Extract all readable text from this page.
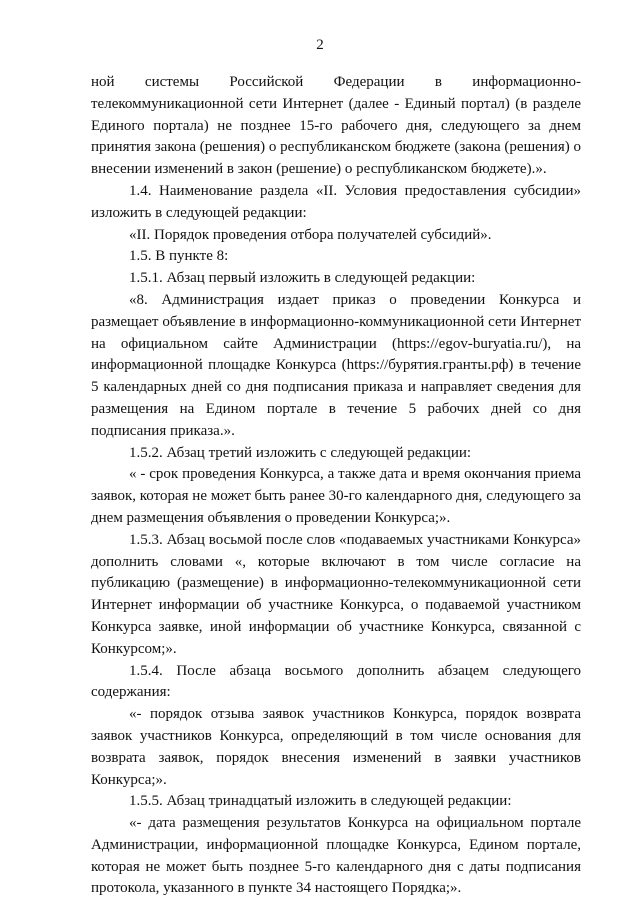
2

ной системы Российской Федерации в информационно-телекоммуникационной сети Интернет (далее - Единый портал) (в разделе Единого портала) не позднее 15-го рабочего дня, следующего за днем принятия закона (решения) о республиканском бюджете (закона (решения) о внесении изменений в закон (решение) о республиканском бюджете).».

1.4. Наименование раздела «II. Условия предоставления субсидии» изложить в следующей редакции:

«II. Порядок проведения отбора получателей субсидий».

1.5. В пункте 8:

1.5.1. Абзац первый изложить в следующей редакции:

«8. Администрация издает приказ о проведении Конкурса и размещает объявление в информационно-коммуникационной сети Интернет на официальном сайте Администрации (https://egov-buryatia.ru/), на информационной площадке Конкурса (https://бурятия.гранты.рф) в течение 5 календарных дней со дня подписания приказа и направляет сведения для размещения на Едином портале в течение 5 рабочих дней со дня подписания приказа.».

1.5.2. Абзац третий изложить с следующей редакции:

« - срок проведения Конкурса, а также дата и время окончания приема заявок, которая не может быть ранее 30-го календарного дня, следующего за днем размещения объявления о проведении Конкурса;».

1.5.3. Абзац восьмой после слов «подаваемых участниками Конкурса» дополнить словами «, которые включают в том числе согласие на публикацию (размещение) в информационно-телекоммуникационной сети Интернет информации об участнике Конкурса, о подаваемой участником Конкурса заявке, иной информации об участнике Конкурса, связанной с Конкурсом;».

1.5.4. После абзаца восьмого дополнить абзацем следующего содержания:

«- порядок отзыва заявок участников Конкурса, порядок возврата заявок участников Конкурса, определяющий в том числе основания для возврата заявок, порядок внесения изменений в заявки участников Конкурса;».

1.5.5. Абзац тринадцатый изложить в следующей редакции:

«- дата размещения результатов Конкурса на официальном портале Администрации, информационной площадке Конкурса, Едином портале, которая не может быть позднее 5-го календарного дня с даты подписания протокола, указанного в пункте 34 настоящего Порядка;».
